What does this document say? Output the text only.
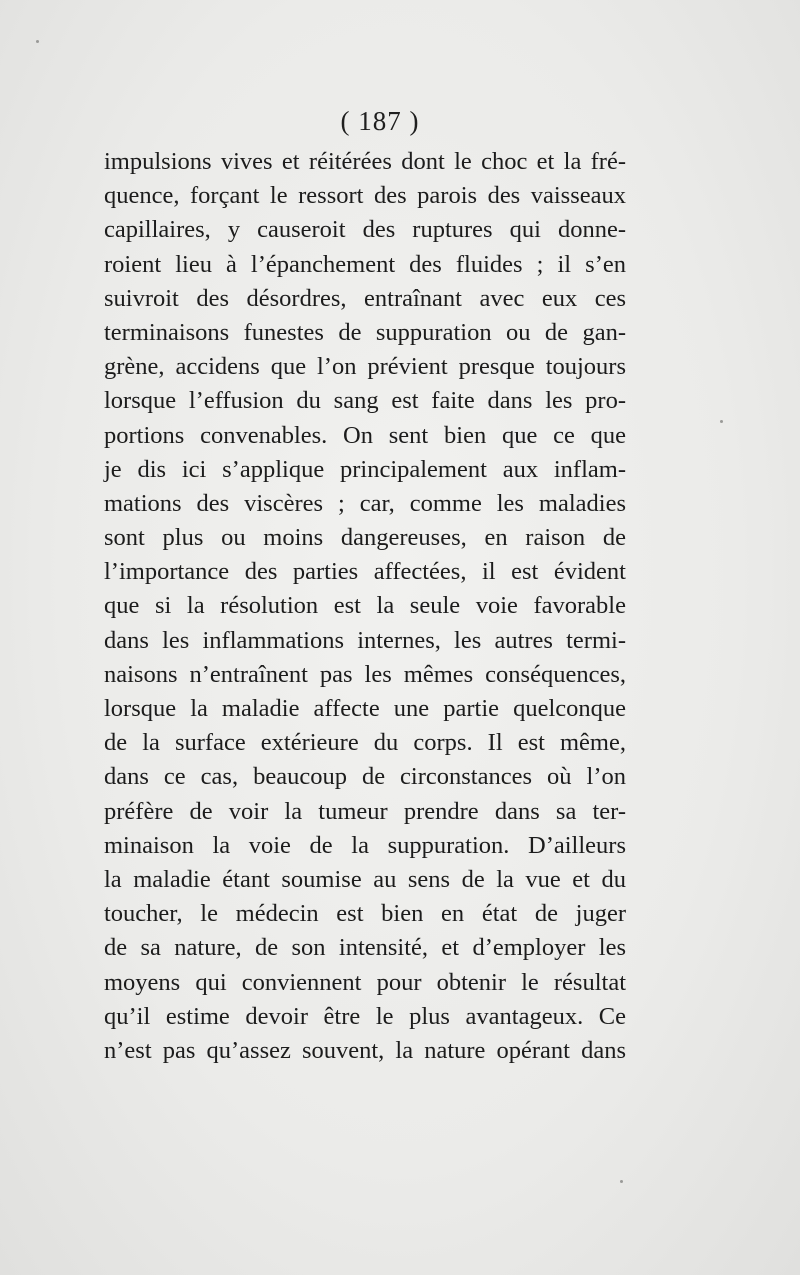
( 187 )
impulsions vives et réitérées dont le choc et la fré-
quence, forçant le ressort des parois des vaisseaux
capillaires, y causeroit des ruptures qui donne-
roient lieu à l’épanchement des fluides ; il s’en
suivroit des désordres, entraînant avec eux ces
terminaisons funestes de suppuration ou de gan-
grène, accidens que l’on prévient presque toujours
lorsque l’effusion du sang est faite dans les pro-
portions convenables. On sent bien que ce que
je dis ici s’applique principalement aux inflam-
mations des viscères ; car, comme les maladies
sont plus ou moins dangereuses, en raison de
l’importance des parties affectées, il est évident
que si la résolution est la seule voie favorable
dans les inflammations internes, les autres termi-
naisons n’entraînent pas les mêmes conséquences,
lorsque la maladie affecte une partie quelconque
de la surface extérieure du corps. Il est même,
dans ce cas, beaucoup de circonstances où l’on
préfère de voir la tumeur prendre dans sa ter-
minaison la voie de la suppuration. D’ailleurs
la maladie étant soumise au sens de la vue et du
toucher, le médecin est bien en état de juger
de sa nature, de son intensité, et d’employer les
moyens qui conviennent pour obtenir le résultat
qu’il estime devoir être le plus avantageux. Ce
n’est pas qu’assez souvent, la nature opérant dans
